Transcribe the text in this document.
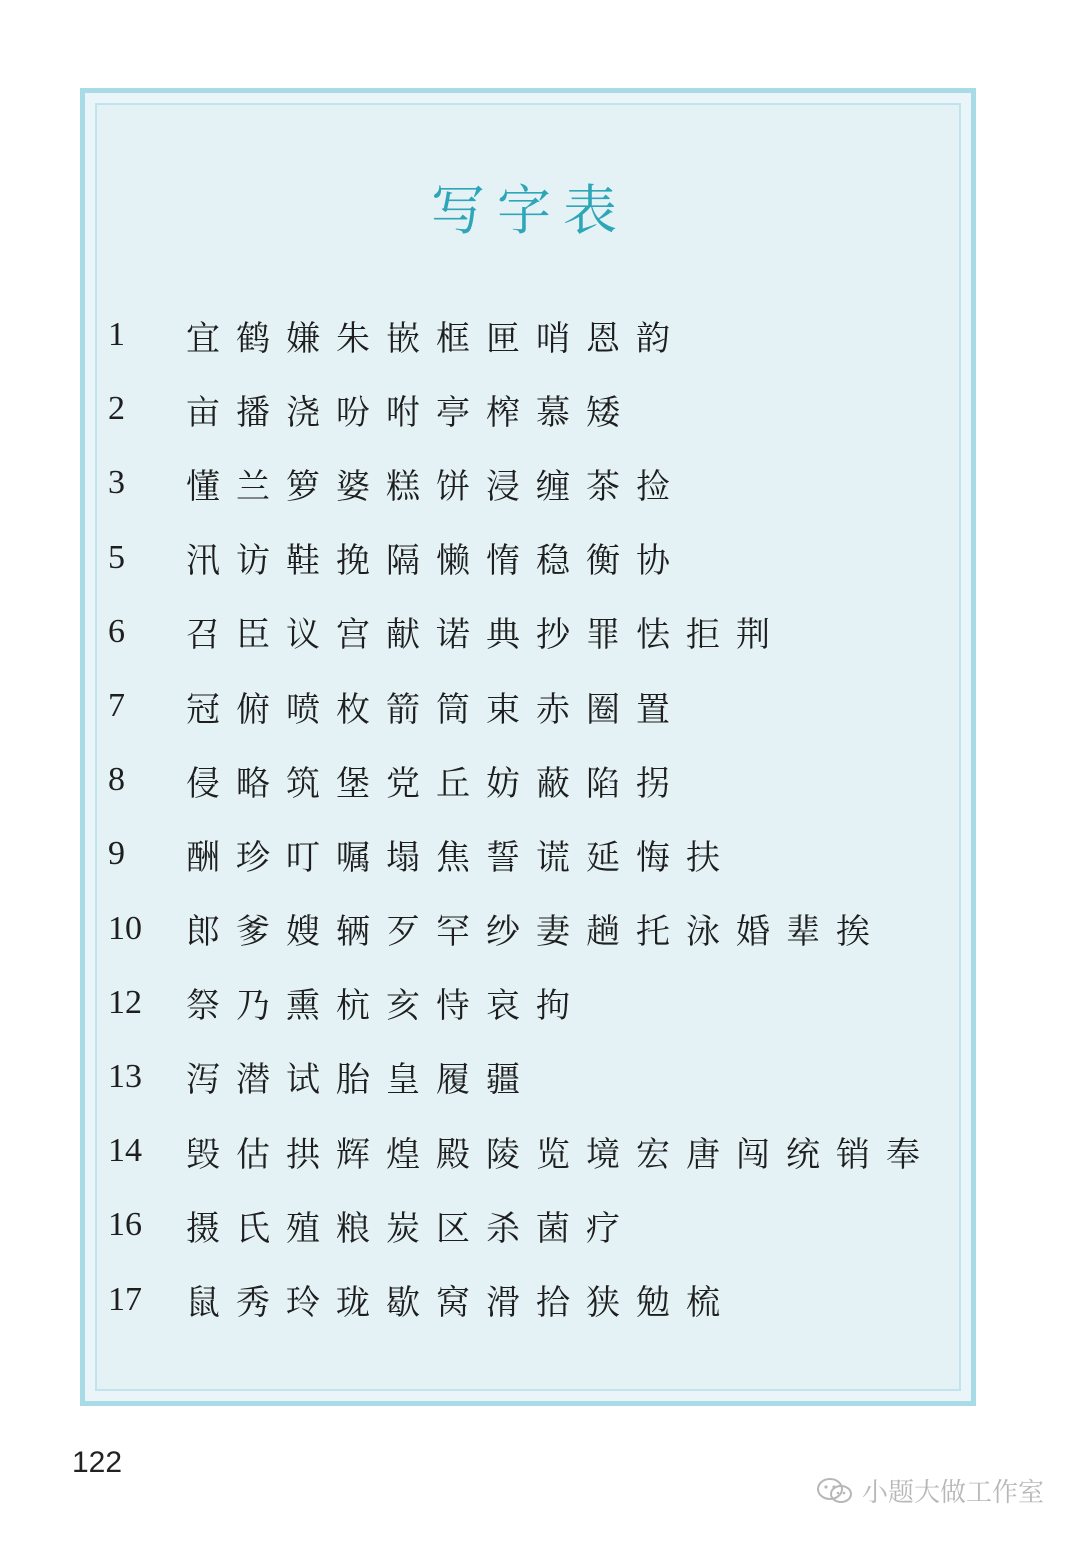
写字表
1	宜鹤嫌朱嵌框匣哨恩韵
2	亩播浇吩咐亭榨慕矮
3	懂兰箩婆糕饼浸缠茶捡
5	汛访鞋挽隔懒惰稳衡协
6	召臣议宫献诺典抄罪怯拒荆
7	冠俯喷枚箭筒束赤圈置
8	侵略筑堡党丘妨蔽陷拐
9	酬珍叮嘱塌焦誓谎延悔扶
10	郎爹嫂辆歹罕纱妻趟托泳婚辈挨
12	祭乃熏杭亥恃哀拘
13	泻潜试胎皇履疆
14	毁估拱辉煌殿陵览境宏唐闯统销奉
16	摄氏殖粮炭区杀菌疗
17	鼠秀玲珑歇窝滑拾狭勉梳
122
小题大做工作室
